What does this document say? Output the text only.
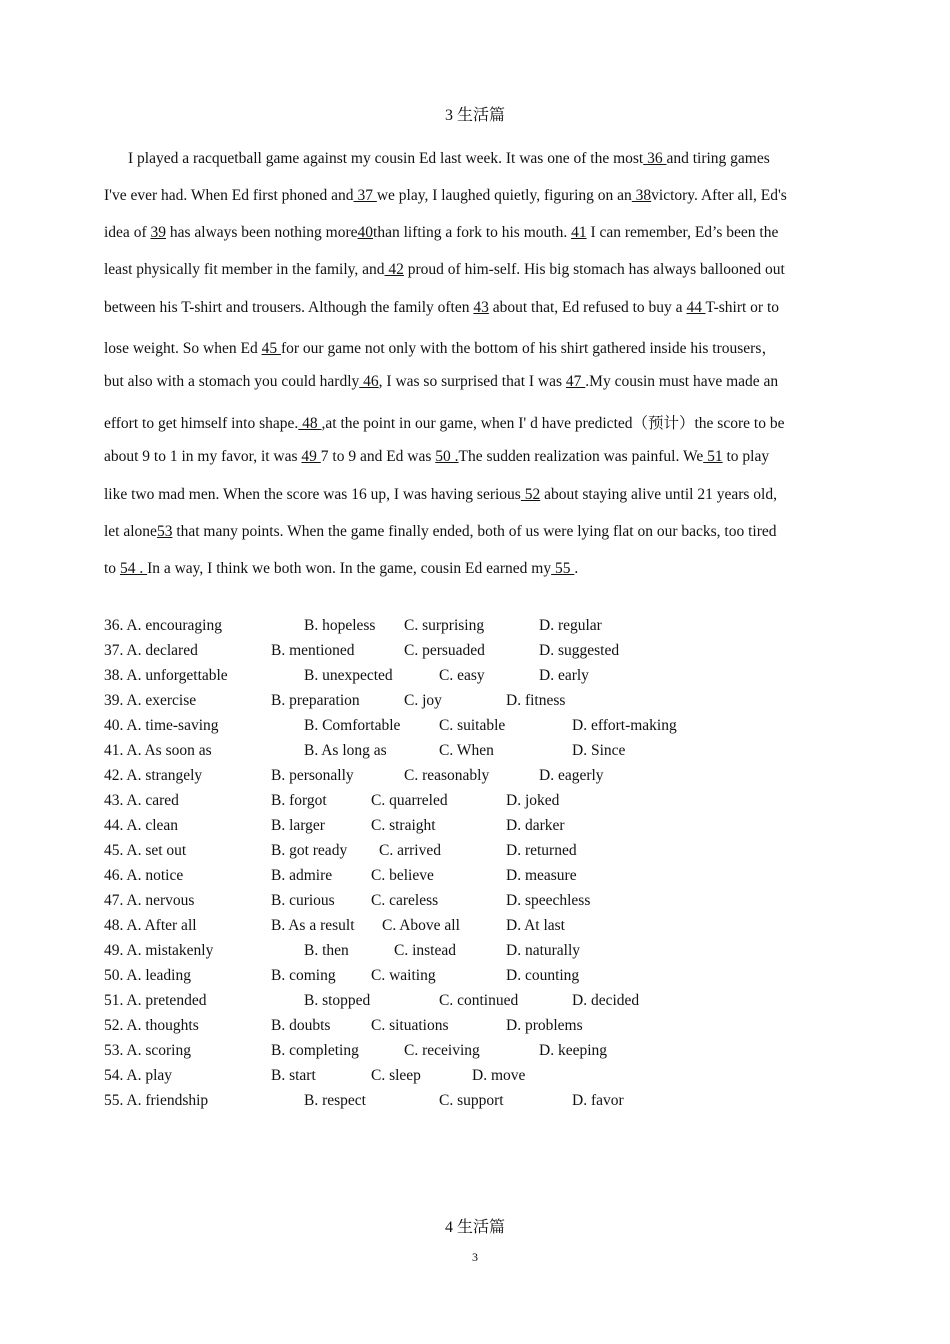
3 生活篇
I played a racquetball game against my cousin Ed last week. It was one of the most 36 and tiring games
I've ever had. When Ed first phoned and 37 we play, I laughed quietly, figuring on an 38victory. After all, Ed's
idea of 39 has always been nothing more40than lifting a fork to his mouth. 41 I can remember, Ed’s been the
least physically fit member in the family, and 42 proud of him-self. His big stomach has always ballooned out
between his T-shirt and trousers. Although the family often 43 about that, Ed refused to buy a 44 T-shirt or to
lose weight. So when Ed 45 for our game not only with the bottom of his shirt gathered inside his trousers，
but also with a stomach you could hardly 46, I was so surprised that I was 47 .My cousin must have made an
effort to get himself into shape. 48 ,at the point in our game, when I' d have predicted（预计）the score to be
about 9 to 1 in my favor, it was 49 7 to 9 and Ed was 50 .The sudden realization was painful. We 51 to play
like two mad men. When the score was 16 up, I was having serious 52 about staying alive until 21 years old,
let alone53 that many points. When the game finally ended, both of us were lying flat on our backs, too tired
to 54 . In a way, I think we both won. In the game, cousin Ed earned my 55 .
36. A. encouraging	B. hopeless C. surprising	D. regular
37. A. declared	B. mentioned	C. persuaded	D. suggested
38. A. unforgettable	B. unexpected	C. easy	D. early
39. A. exercise	B. preparation	C. joy	D. fitness
40. A. time-saving	B. Comfortable C. suitable	D. effort-making
41. A. As soon as	B. As long as	C. When	D. Since
42. A. strangely	B. personally	C. reasonably	D. eagerly
43. A. cared	B. forgot	C. quarreled	D. joked
44. A. clean	B. larger	C. straight	D. darker
45. A. set out	B. got ready C. arrived	D. returned
46. A. notice	B. admire	C. believe	D. measure
47. A. nervous	B. curious C. careless	D. speechless
48. A. After all	B. As a result C. Above all	D. At last
49. A. mistakenly	B. then	C. instead	D. naturally
50. A. leading	B. coming C. waiting	D. counting
51. A. pretended	B. stopped	C. continued	D. decided
52. A. thoughts	B. doubts	C. situations	D. problems
53. A. scoring	B. completing	C. receiving	D. keeping
54. A. play	B. start	C. sleep	D. move
55. A. friendship	B. respect	C. support	D. favor
4 生活篇
3
